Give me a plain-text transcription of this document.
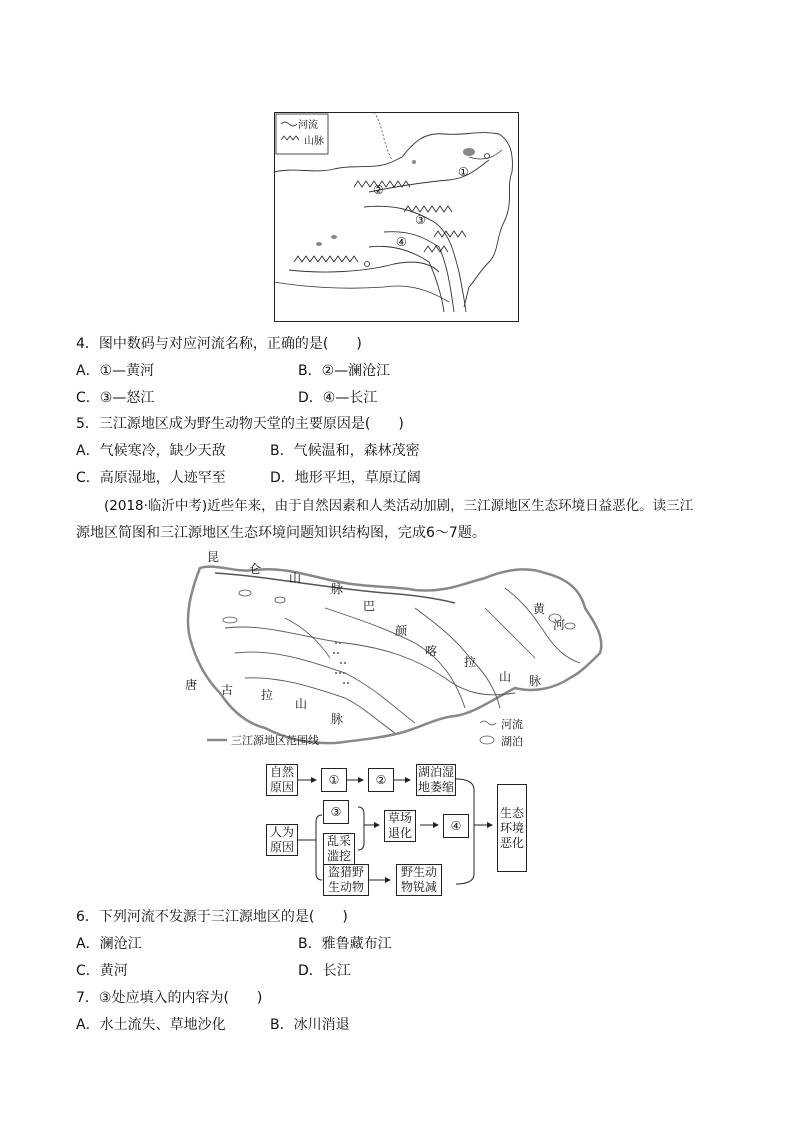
河流
山脉
①
②
③
④
4．图中数码与对应河流名称，正确的是(　　)
A．①—黄河	B．②—澜沧江
C．③—怒江	D．④—长江
5．三江源地区成为野生动物天堂的主要原因是(　　)
A．气候寒冷，缺少天敌	B．气候温和，森林茂密
C．高原湿地，人迹罕至	D．地形平坦，草原辽阔
(2018·临沂中考)近些年来，由于自然因素和人类活动加剧，三江源地区生态环境日益恶化。读三江
源地区简图和三江源地区生态环境问题知识结构图，完成6～7题。
昆
仑
山
脉
巴
颜
喀
拉
山 脉
黄
河
唐 古 拉
山
脉	河流
湖泊
三江源地区范围线
自然原因
①	②
湖泊湿地萎缩
人为原因
③
乱采滥挖
盗猎野生动物
草场退化
④
野生动物锐减
生态环境恶化
6．下列河流不发源于三江源地区的是(　　)
A．澜沧江	B．雅鲁藏布江
C．黄河	D．长江
7．③处应填入的内容为(　　)
A．水土流失、草地沙化	B．冰川消退
